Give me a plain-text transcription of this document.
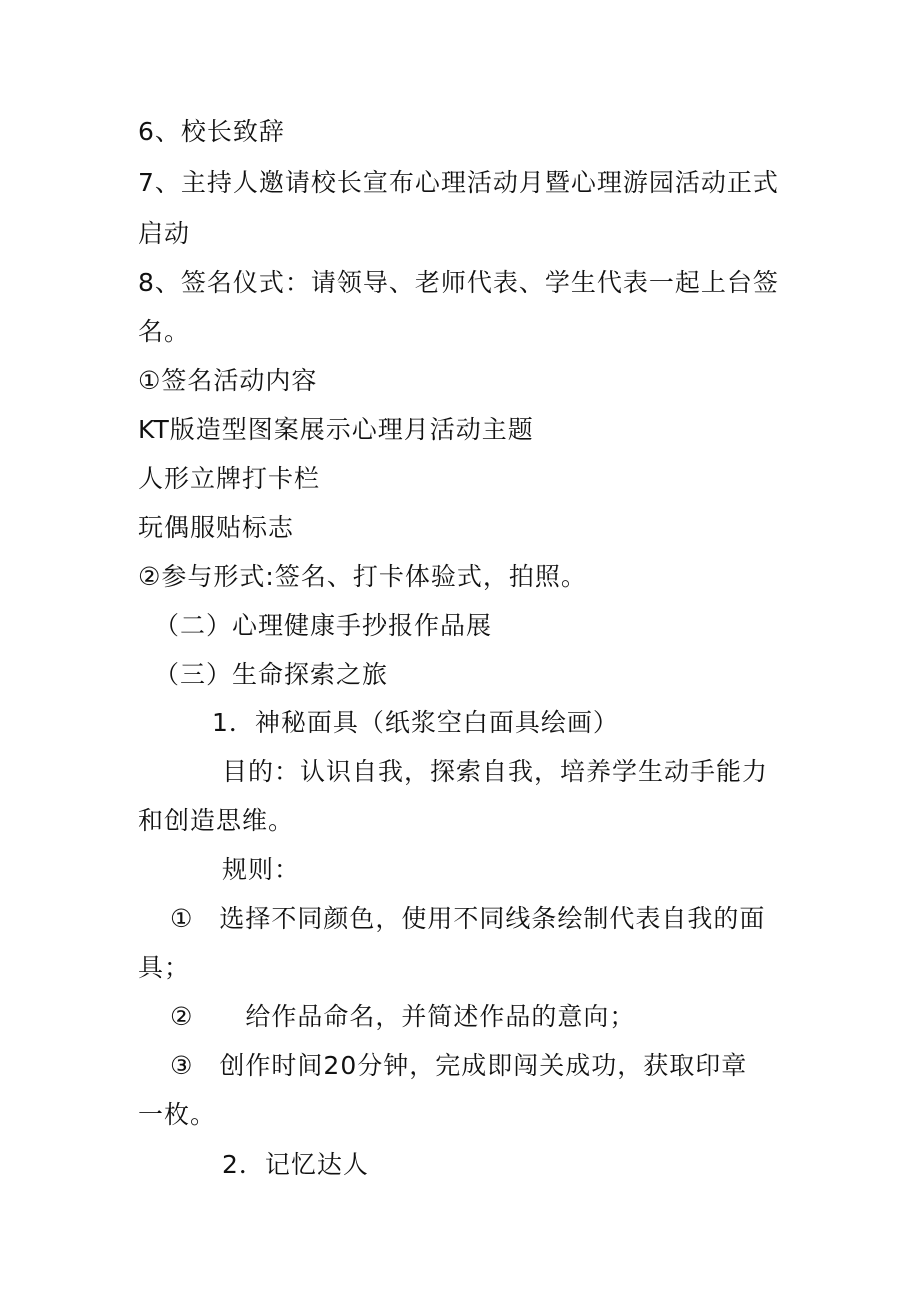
6、校长致辞
7、主持人邀请校长宣布心理活动月暨心理游园活动正式
启动
8、签名仪式：请领导、老师代表、学生代表一起上台签
名。
①签名活动内容
KT版造型图案展示心理月活动主题
人形立牌打卡栏
玩偶服贴标志
②参与形式:签名、打卡体验式，拍照。
（二）心理健康手抄报作品展
（三）生命探索之旅
1．神秘面具（纸浆空白面具绘画）
目的：认识自我，探索自我，培养学生动手能力
和创造思维。
规则：
①　选择不同颜色，使用不同线条绘制代表自我的面
具；
②　　给作品命名，并简述作品的意向；
③　创作时间20分钟，完成即闯关成功，获取印章
一枚。
2．记忆达人
